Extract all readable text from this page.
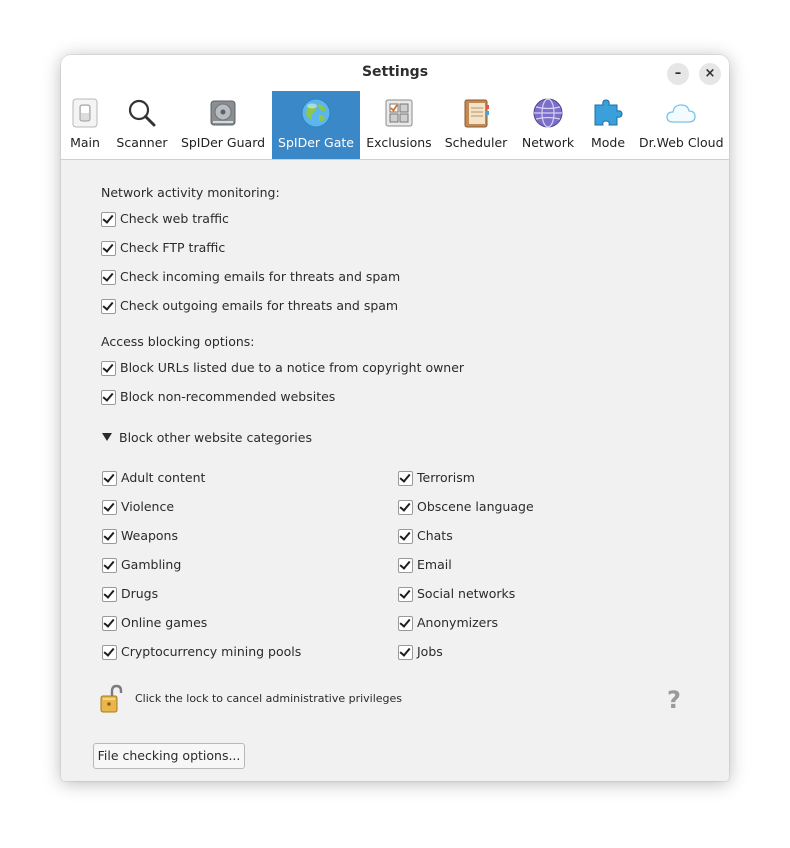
Settings	–	×
Main	Scanner	SpIDer Guard	SpIDer Gate Exclusions Scheduler	Network	Mode	Dr.Web Cloud
Network activity monitoring:
Check web traffic
Check FTP traffic
Check incoming emails for threats and spam
Check outgoing emails for threats and spam
Access blocking options:
Block URLs listed due to a notice from copyright owner
Block non-recommended websites
Block other website categories
Adult content
Violence
Weapons
Gambling
Drugs
Online games
Cryptocurrency mining pools
Terrorism
Obscene language
Chats
Email
Social networks
Anonymizers
Jobs
File checking options...
Click the lock to cancel administrative privileges	?
